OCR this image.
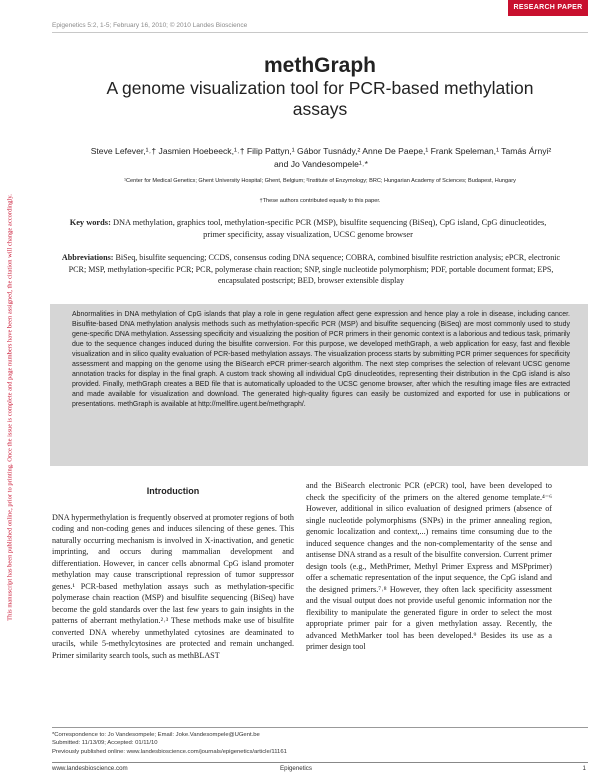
RESEARCH PAPER
Epigenetics 5:2, 1-5; February 16, 2010; © 2010 Landes Bioscience
This manuscript has been published online, prior to printing. Once the issue is complete and page numbers have been assigned, the citation will change accordingly.
methGraph
A genome visualization tool for PCR-based methylation assays
Steve Lefever,¹˒† Jasmien Hoebeeck,¹˒† Filip Pattyn,¹ Gábor Tusnády,² Anne De Paepe,¹ Frank Speleman,¹ Tamás Árnyi²
and Jo Vandesompele¹˒*
¹Center for Medical Genetics; Ghent University Hospital; Ghent, Belgium; ²Institute of Enzymology; BRC; Hungarian Academy of Sciences; Budapest, Hungary
†These authors contributed equally to this paper.
Key words: DNA methylation, graphics tool, methylation-specific PCR (MSP), bisulfite sequencing (BiSeq), CpG island, CpG dinucleotides, primer specificity, assay visualization, UCSC genome browser
Abbreviations: BiSeq, bisulfite sequencing; CCDS, consensus coding DNA sequence; COBRA, combined bisulfite restriction analysis; ePCR, electronic PCR; MSP, methylation-specific PCR; PCR, polymerase chain reaction; SNP, single nucleotide polymorphism; PDF, portable document format; EPS, encapsulated postscript; BED, browser extensible display
Abnormalities in DNA methylation of CpG islands that play a role in gene regulation affect gene expression and hence play a role in disease, including cancer. Bisulfite-based DNA methylation analysis methods such as methylation-specific PCR (MSP) and bisulfite sequencing (BiSeq) are most commonly used to study gene-specific DNA methylation. Assessing specificity and visualizing the position of PCR primers in their genomic context is a laborious and tedious task, primarily due to the sequence changes induced during the bisulfite conversion. For this purpose, we developed methGraph, a web application for easy, fast and flexible visualization and in silico quality evaluation of PCR-based methylation assays. The visualization process starts by submitting PCR primer sequences for specificity assessment and mapping on the genome using the BiSearch ePCR primer-search algorithm. The next step comprises the selection of relevant UCSC genome annotation tracks for display in the final graph. A custom track showing all individual CpG dinucleotides, representing their distribution in the CpG island is also provided. Finally, methGraph creates a BED file that is automatically uploaded to the UCSC genome browser, after which the resulting image files are extracted and made available for visualization and download. The generated high-quality figures can easily be customized and exported for use in publications or presentations. methGraph is available at http://mellfire.ugent.be/methgraph/.
Introduction

DNA hypermethylation is frequently observed at promoter regions of both coding and non-coding genes and induces silencing of these genes. This naturally occurring mechanism is involved in X-inactivation, and genetic imprinting, and occurs during mammalian development and differentiation. However, in cancer cells abnormal CpG island promoter methylation may cause transcriptional repression of tumor suppressor genes.¹ PCR-based methylation assays such as methylation-specific polymerase chain reaction (MSP) and bisulfite sequencing (BiSeq) have become the gold standards over the last few years to gain insights in the patterns of aberrant methylation.²˒³ These methods make use of bisulfite converted DNA whereby unmethylated cytosines are deaminated to uracils, while 5-methylcytosines are protected and remain unchanged. Primer similarity search tools, such as methBLAST

and the BiSearch electronic PCR (ePCR) tool, have been developed to check the specificity of the primers on the altered genome template.⁴⁻⁶ However, additional in silico evaluation of designed primers (absence of single nucleotide polymorphisms (SNPs) in the primer annealing region, genomic localization and context,...) remains time consuming due to the induced sequence changes and the non-complementarity of the sense and antisense DNA strand as a result of the bisulfite conversion. Current primer design tools (e.g., MethPrimer, Methyl Primer Express and MSPprimer) offer a schematic representation of the input sequence, the CpG island and the designed primers.⁷˒⁸ However, they often lack specificity assessment and the visual output does not provide useful genomic information nor the flexibility to manipulate the generated figure in order to select the most appropriate primer pair for a given methylation assay. Recently, the advanced MethMarker tool has been developed.⁹ Besides its use as a primer design tool

*Correspondence to: Jo Vandesompele; Email: Joke.Vandesompele@UGent.be
Submitted: 11/13/09; Accepted: 01/11/10
Previously published online: www.landesbioscience.com/journals/epigenetics/article/11161
www.landesbioscience.com	Epigenetics	1
